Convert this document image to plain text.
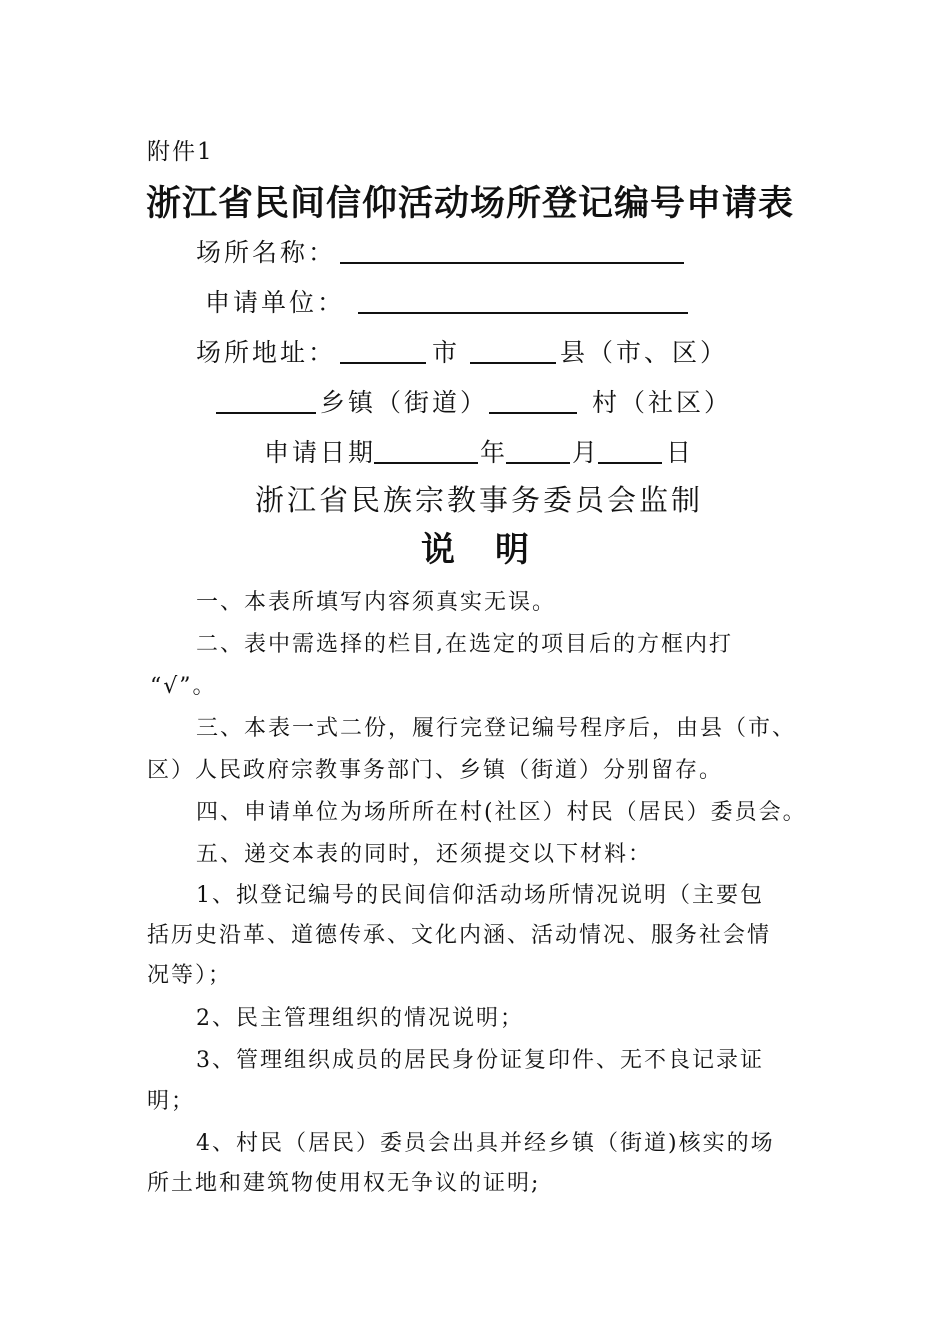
附件1
浙江省民间信仰活动场所登记编号申请表
场所名称：
申请单位：
场所地址：	市	县（市、区）
乡镇（街道）	村（社区）
申请日期	年	月	日
浙江省民族宗教事务委员会监制
说明
一、本表所填写内容须真实无误。
二、表中需选择的栏目,在选定的项目后的方框内打
“√”。
三、本表一式二份，履行完登记编号程序后，由县（市、
区）人民政府宗教事务部门、乡镇（街道）分别留存。
四、申请单位为场所所在村(社区）村民（居民）委员会。
五、递交本表的同时，还须提交以下材料：
1、拟登记编号的民间信仰活动场所情况说明（主要包
括历史沿革、道德传承、文化内涵、活动情况、服务社会情
况等）；
2、民主管理组织的情况说明；
3、管理组织成员的居民身份证复印件、无不良记录证
明；
4、村民（居民）委员会出具并经乡镇（街道)核实的场
所土地和建筑物使用权无争议的证明;
